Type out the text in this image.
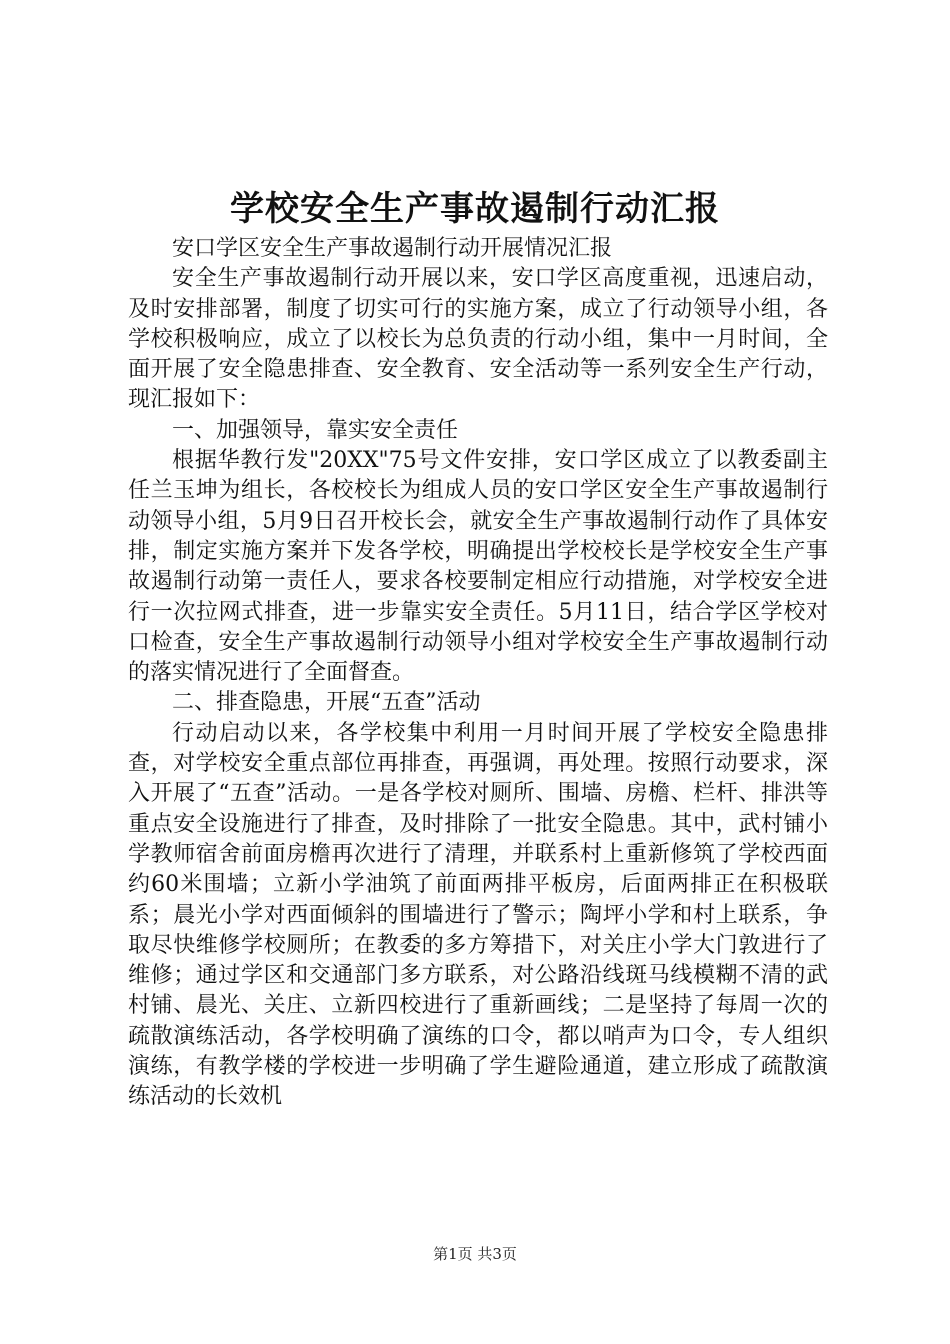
学校安全生产事故遏制行动汇报

安口学区安全生产事故遏制行动开展情况汇报

安全生产事故遏制行动开展以来，安口学区高度重视，迅速启动，及时安排部署，制度了切实可行的实施方案，成立了行动领导小组，各学校积极响应，成立了以校长为总负责的行动小组，集中一月时间，全面开展了安全隐患排查、安全教育、安全活动等一系列安全生产行动，现汇报如下：

一、加强领导，靠实安全责任

根据华教行发"20XX"75号文件安排，安口学区成立了以教委副主任兰玉坤为组长，各校校长为组成人员的安口学区安全生产事故遏制行动领导小组，5月9日召开校长会，就安全生产事故遏制行动作了具体安排，制定实施方案并下发各学校，明确提出学校校长是学校安全生产事故遏制行动第一责任人，要求各校要制定相应行动措施，对学校安全进行一次拉网式排查，进一步靠实安全责任。5月11日，结合学区学校对口检查，安全生产事故遏制行动领导小组对学校安全生产事故遏制行动的落实情况进行了全面督查。

二、排查隐患，开展“五查”活动

行动启动以来，各学校集中利用一月时间开展了学校安全隐患排查，对学校安全重点部位再排查，再强调，再处理。按照行动要求，深入开展了“五查”活动。一是各学校对厕所、围墙、房檐、栏杆、排洪等重点安全设施进行了排查，及时排除了一批安全隐患。其中，武村铺小学教师宿舍前面房檐再次进行了清理，并联系村上重新修筑了学校西面约60米围墙；立新小学油筑了前面两排平板房，后面两排正在积极联系；晨光小学对西面倾斜的围墙进行了警示；陶坪小学和村上联系，争取尽快维修学校厕所；在教委的多方筹措下，对关庄小学大门敦进行了维修；通过学区和交通部门多方联系，对公路沿线斑马线模糊不清的武村铺、晨光、关庄、立新四校进行了重新画线；二是坚持了每周一次的疏散演练活动，各学校明确了演练的口令，都以哨声为口令，专人组织演练，有教学楼的学校进一步明确了学生避险通道，建立形成了疏散演练活动的长效机

第1页 共3页
